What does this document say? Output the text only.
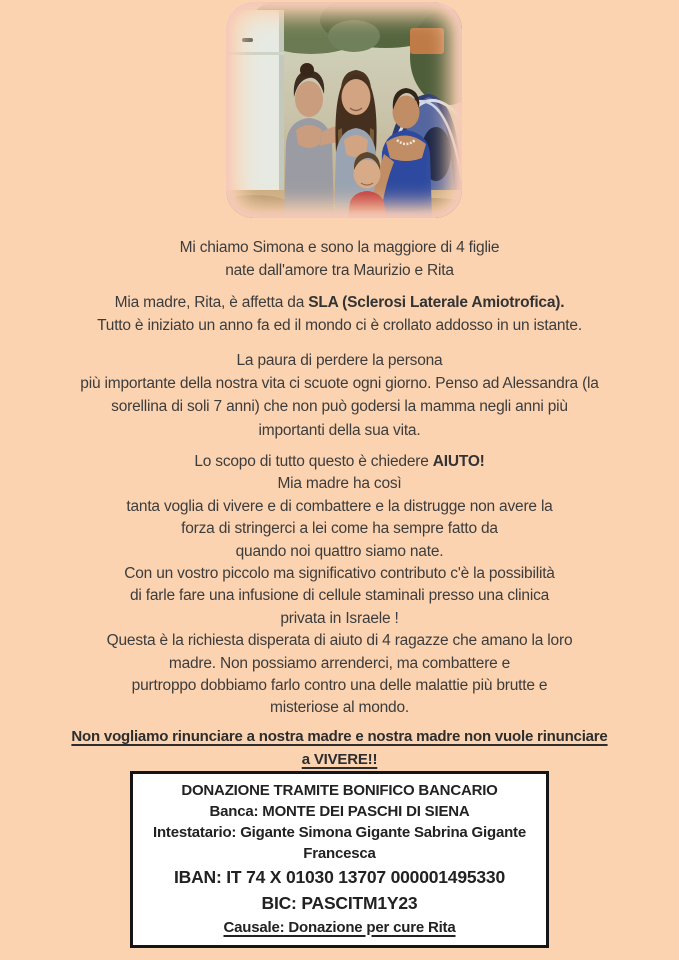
Mi chiamo Simona e sono la maggiore di 4 figlie
nate dall'amore tra Maurizio e Rita
Mia madre, Rita, è affetta da SLA (Sclerosi Laterale Amiotrofica).
Tutto è iniziato un anno fa ed il mondo ci è crollato addosso in un istante.
La paura di perdere la persona
più importante della nostra vita ci scuote ogni giorno. Penso ad Alessandra (la
sorellina di soli 7 anni) che non può godersi la mamma negli anni più
importanti della sua vita.
Lo scopo di tutto questo è chiedere AIUTO!
Mia madre ha così
tanta voglia di vivere e di combattere e la distrugge non avere la
forza di stringerci a lei come ha sempre fatto da
quando noi quattro siamo nate.
Con un vostro piccolo ma significativo contributo c'è la possibilità
di farle fare una infusione di cellule staminali presso una clinica
privata in Israele !
Questa è la richiesta disperata di aiuto di 4 ragazze che amano la loro
madre. Non possiamo arrenderci, ma combattere e
purtroppo dobbiamo farlo contro una delle malattie più brutte e
misteriose al mondo.
Non vogliamo rinunciare a nostra madre e nostra madre non vuole rinunciare
a VIVERE!!
DONAZIONE TRAMITE BONIFICO BANCARIO
Banca: MONTE DEI PASCHI DI SIENA
Intestatario: Gigante Simona Gigante Sabrina Gigante Francesca
IBAN: IT 74 X 01030 13707 000001495330
BIC: PASCITM1Y23
Causale: Donazione per cure Rita
